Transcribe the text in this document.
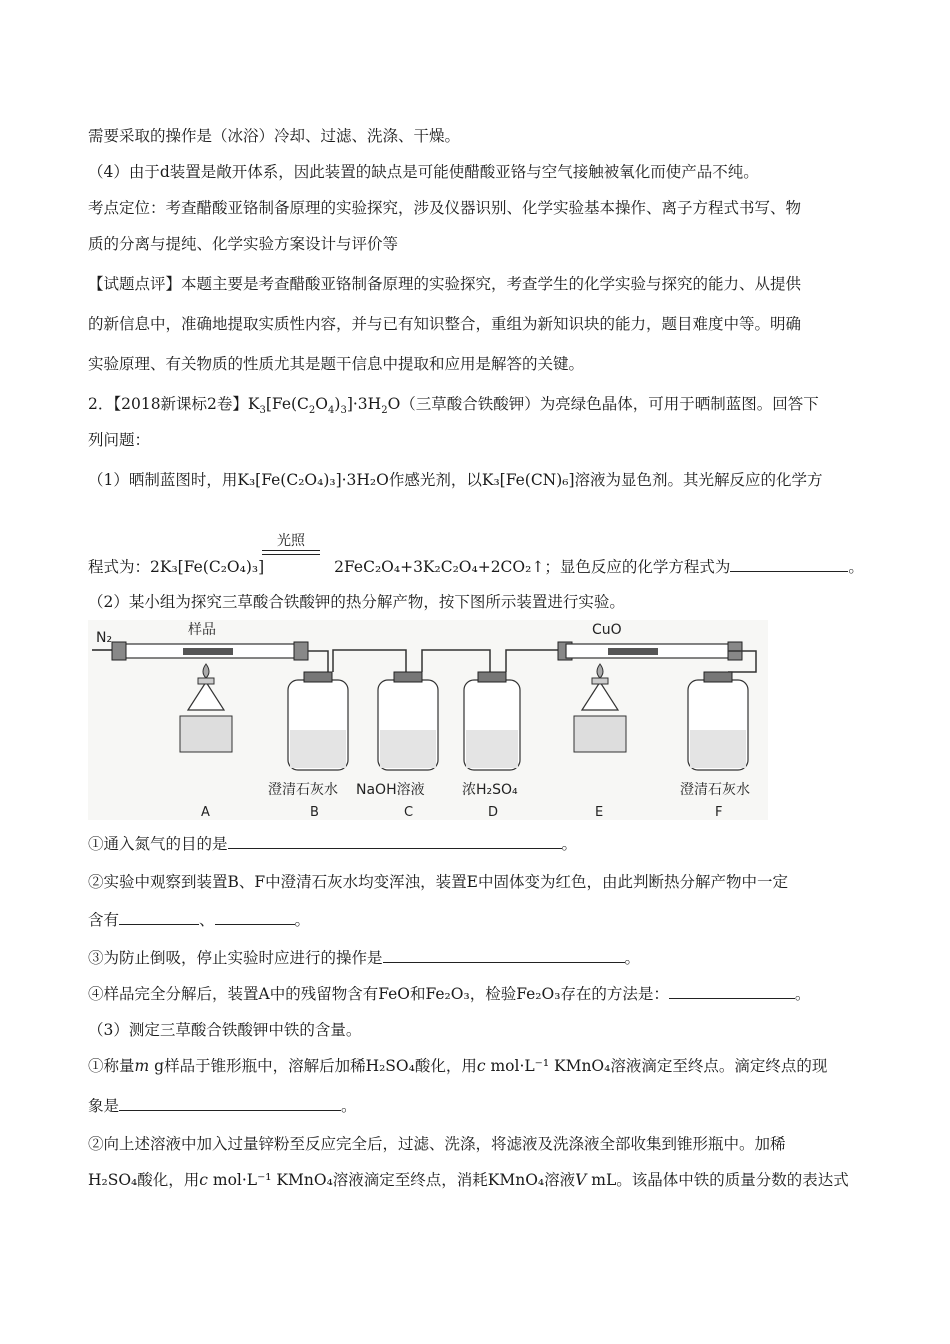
需要采取的操作是（冰浴）冷却、过滤、洗涤、干燥。
（4）由于d装置是敞开体系，因此装置的缺点是可能使醋酸亚铬与空气接触被氧化而使产品不纯。
考点定位：考查醋酸亚铬制备原理的实验探究，涉及仪器识别、化学实验基本操作、离子方程式书写、物
质的分离与提纯、化学实验方案设计与评价等
【试题点评】本题主要是考查醋酸亚铬制备原理的实验探究，考查学生的化学实验与探究的能力、从提供
的新信息中，准确地提取实质性内容，并与已有知识整合，重组为新知识块的能力，题目难度中等。明确
实验原理、有关物质的性质尤其是题干信息中提取和应用是解答的关键。
2．【2018新课标2卷】$K_3[Fe(C_2O_4)_3]\cdot 3H_2O$（三草酸合铁酸钾）为亮绿色晶体，可用于晒制蓝图。回答下
列问题：
（1）晒制蓝图时，用K₃[Fe(C₂O₄)₃]·3H₂O作感光剂，以K₃[Fe(CN)₆]溶液为显色剂。其光解反应的化学方
光照
程式为：2K₃[Fe(C₂O₄)₃]	2FeC₂O₄+3K₂C₂O₄+2CO₂↑；显色反应的化学方程式为	。
（2）某小组为探究三草酸合铁酸钾的热分解产物，按下图所示装置进行实验。
N₂	样品	CuO
澄清石灰水 NaOH溶液	浓H₂SO₄	澄清石灰水
A	B	C	D	E	F
①通入氮气的目的是	。
②实验中观察到装置B、F中澄清石灰水均变浑浊，装置E中固体变为红色，由此判断热分解产物中一定
含有	、	。
③为防止倒吸，停止实验时应进行的操作是	。
④样品完全分解后，装置A中的残留物含有FeO和Fe₂O₃，检验Fe₂O₃存在的方法是：	。
（3）测定三草酸合铁酸钾中铁的含量。
①称量m g样品于锥形瓶中，溶解后加稀H₂SO₄酸化，用c mol·L⁻¹ KMnO₄溶液滴定至终点。滴定终点的现
象是	。
②向上述溶液中加入过量锌粉至反应完全后，过滤、洗涤，将滤液及洗涤液全部收集到锥形瓶中。加稀
H₂SO₄酸化，用c mol·L⁻¹ KMnO₄溶液滴定至终点，消耗KMnO₄溶液V mL。该晶体中铁的质量分数的表达式
